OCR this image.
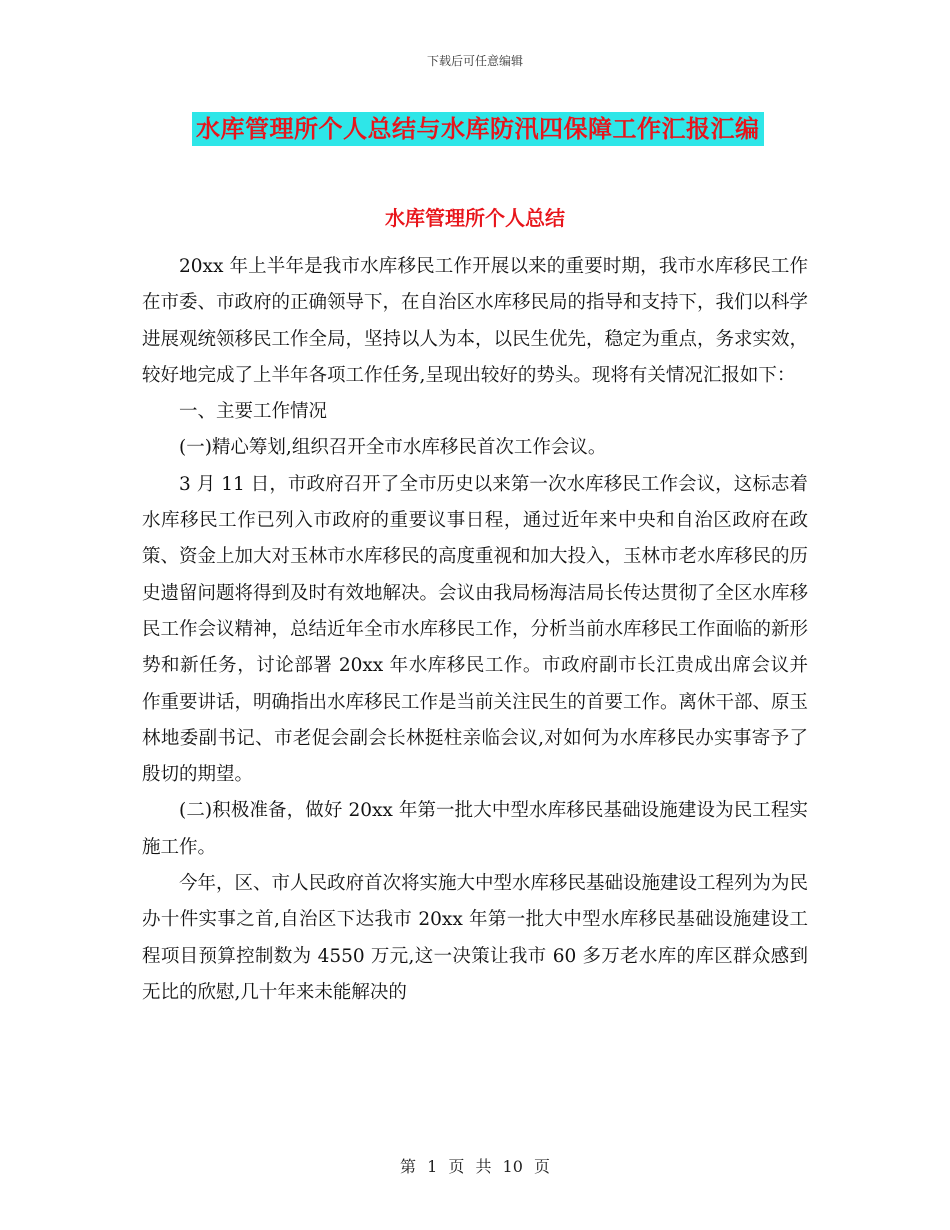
下载后可任意编辑
水库管理所个人总结与水库防汛四保障工作汇报汇编
水库管理所个人总结

20xx 年上半年是我市水库移民工作开展以来的重要时期，我市水库移民工作在市委、市政府的正确领导下，在自治区水库移民局的指导和支持下，我们以科学进展观统领移民工作全局，坚持以人为本，以民生优先，稳定为重点，务求实效，较好地完成了上半年各项工作任务,呈现出较好的势头。现将有关情况汇报如下：

一、主要工作情况

(一)精心筹划,组织召开全市水库移民首次工作会议。

3 月 11 日，市政府召开了全市历史以来第一次水库移民工作会议，这标志着水库移民工作已列入市政府的重要议事日程，通过近年来中央和自治区政府在政策、资金上加大对玉林市水库移民的高度重视和加大投入，玉林市老水库移民的历史遗留问题将得到及时有效地解决。会议由我局杨海洁局长传达贯彻了全区水库移民工作会议精神，总结近年全市水库移民工作，分析当前水库移民工作面临的新形势和新任务，讨论部署 20xx 年水库移民工作。市政府副市长江贵成出席会议并作重要讲话，明确指出水库移民工作是当前关注民生的首要工作。离休干部、原玉林地委副书记、市老促会副会长林挺柱亲临会议,对如何为水库移民办实事寄予了殷切的期望。

(二)积极准备，做好 20xx 年第一批大中型水库移民基础设施建设为民工程实施工作。

今年，区、市人民政府首次将实施大中型水库移民基础设施建设工程列为为民办十件实事之首,自治区下达我市 20xx 年第一批大中型水库移民基础设施建设工程项目预算控制数为 4550 万元,这一决策让我市 60 多万老水库的库区群众感到无比的欣慰,几十年来未能解决的

第 1 页 共 10 页
